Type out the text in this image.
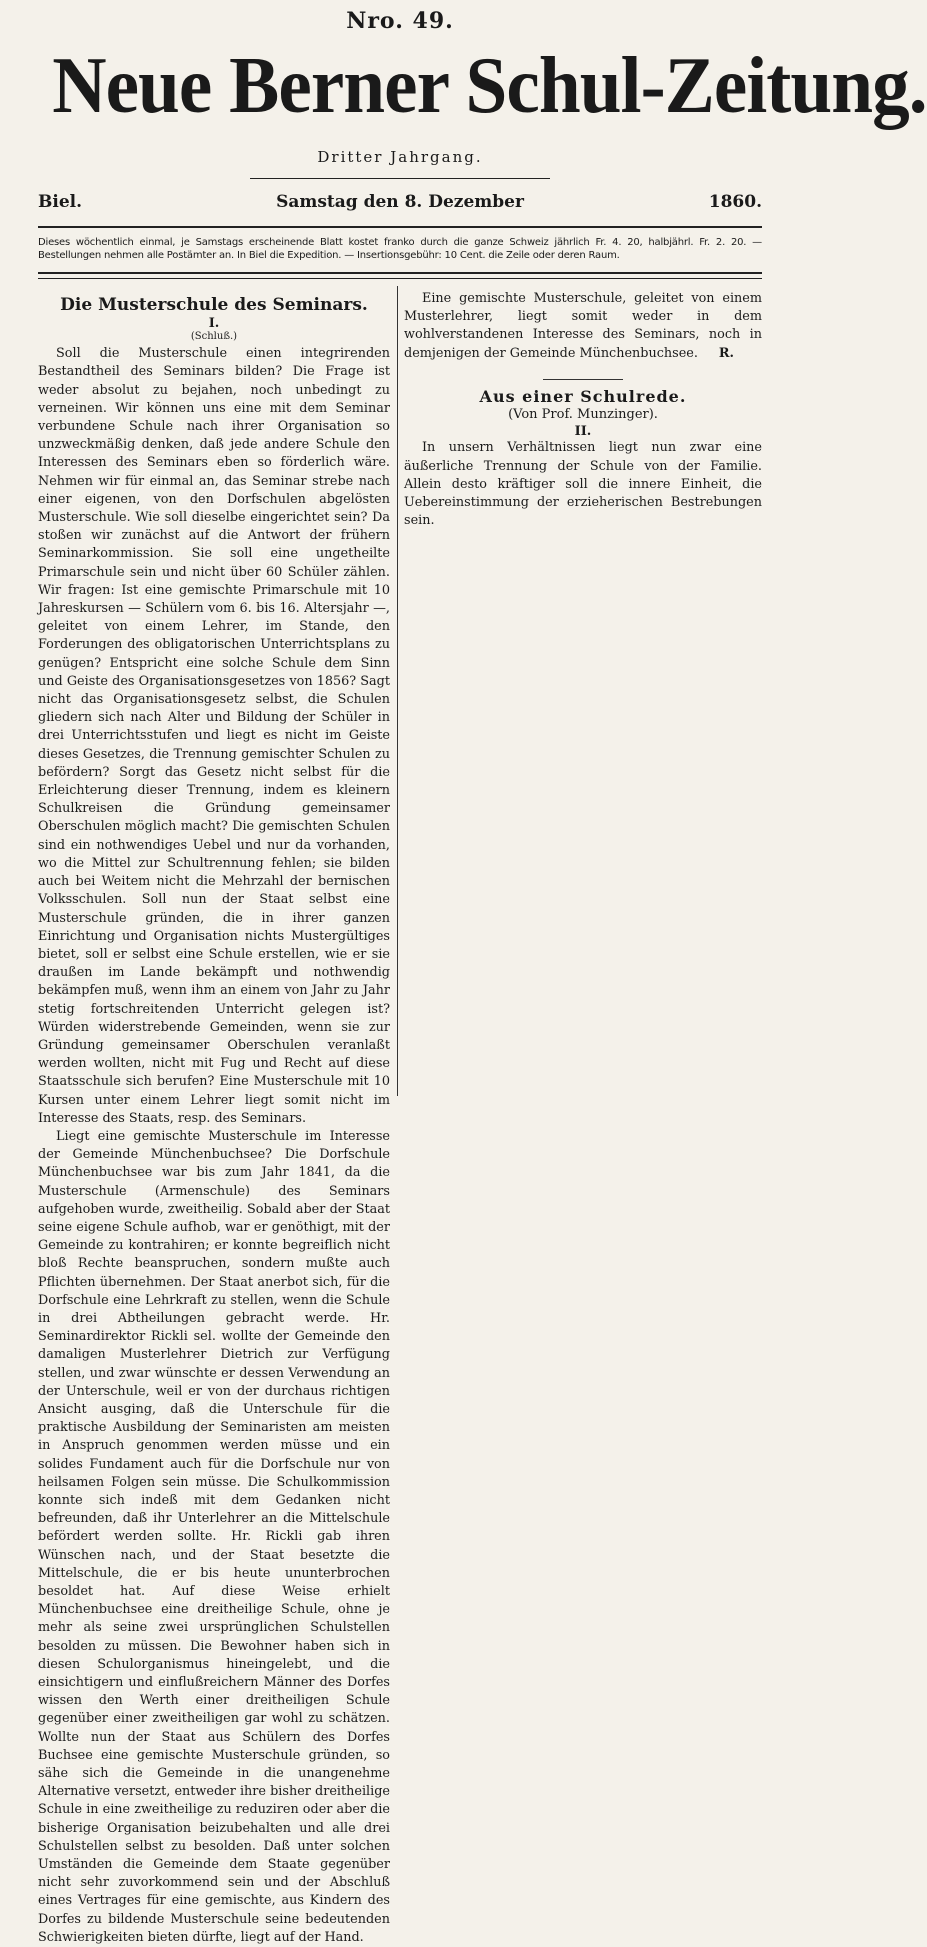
Nro. 49.
Neue Berner Schul-Zeitung.
Dritter Jahrgang.
Biel.	Samstag den 8. Dezember	1860.
Dieses wöchentlich einmal, je Samstags erscheinende Blatt kostet franko durch die ganze Schweiz jährlich Fr. 4. 20, halbjährl. Fr. 2. 20. — Bestellungen nehmen alle Postämter an. In Biel die Expedition. — Insertionsgebühr: 10 Cent. die Zeile oder deren Raum.
Die Musterschule des Seminars.

I.

(Schluß.)

Soll die Musterschule einen integrirenden Bestandtheil des Seminars bilden? Die Frage ist weder absolut zu bejahen, noch unbedingt zu verneinen. Wir können uns eine mit dem Seminar verbundene Schule nach ihrer Organisation so unzweckmäßig denken, daß jede andere Schule den Interessen des Seminars eben so förderlich wäre. Nehmen wir für einmal an, das Seminar strebe nach einer eigenen, von den Dorfschulen abgelösten Musterschule. Wie soll dieselbe eingerichtet sein? Da stoßen wir zunächst auf die Antwort der frühern Seminarkommission. Sie soll eine ungetheilte Primarschule sein und nicht über 60 Schüler zählen. Wir fragen: Ist eine gemischte Primarschule mit 10 Jahreskursen — Schülern vom 6. bis 16. Altersjahr —, geleitet von einem Lehrer, im Stande, den Forderungen des obligatorischen Unterrichtsplans zu genügen? Entspricht eine solche Schule dem Sinn und Geiste des Organisationsgesetzes von 1856? Sagt nicht das Organisationsgesetz selbst, die Schulen gliedern sich nach Alter und Bildung der Schüler in drei Unterrichtsstufen und liegt es nicht im Geiste dieses Gesetzes, die Trennung gemischter Schulen zu befördern? Sorgt das Gesetz nicht selbst für die Erleichterung dieser Trennung, indem es kleinern Schulkreisen die Gründung gemeinsamer Oberschulen möglich macht? Die gemischten Schulen sind ein nothwendiges Uebel und nur da vorhanden, wo die Mittel zur Schultrennung fehlen; sie bilden auch bei Weitem nicht die Mehrzahl der bernischen Volksschulen. Soll nun der Staat selbst eine Musterschule gründen, die in ihrer ganzen Einrichtung und Organisation nichts Mustergültiges bietet, soll er selbst eine Schule erstellen, wie er sie draußen im Lande bekämpft und nothwendig bekämpfen muß, wenn ihm an einem von Jahr zu Jahr stetig fortschreitenden Unterricht gelegen ist? Würden widerstrebende Gemeinden, wenn sie zur Gründung gemeinsamer Oberschulen veranlaßt werden wollten, nicht mit Fug und Recht auf diese Staatsschule sich berufen? Eine Musterschule mit 10 Kursen unter einem Lehrer liegt somit nicht im Interesse des Staats, resp. des Seminars.

Liegt eine gemischte Musterschule im Interesse der Gemeinde Münchenbuchsee? Die Dorfschule Münchenbuchsee war bis zum Jahr 1841, da die Musterschule (Armenschule) des Seminars aufgehoben wurde, zweitheilig. Sobald aber der Staat seine eigene Schule aufhob, war er genöthigt, mit der Gemeinde zu kontrahiren; er konnte begreiflich nicht bloß Rechte beanspruchen, sondern mußte auch Pflichten übernehmen. Der Staat anerbot sich, für die Dorfschule eine Lehrkraft zu stellen, wenn die Schule in drei Abtheilungen gebracht werde. Hr. Seminardirektor Rickli sel. wollte der Gemeinde den damaligen Musterlehrer Dietrich zur Verfügung stellen, und zwar wünschte er dessen Verwendung an der Unterschule, weil er von der durchaus richtigen Ansicht ausging, daß die Unterschule für die praktische Ausbildung der Seminaristen am meisten in Anspruch genommen werden müsse und ein solides Fundament auch für die Dorfschule nur von heilsamen Folgen sein müsse. Die Schulkommission konnte sich indeß mit dem Gedanken nicht befreunden, daß ihr Unterlehrer an die Mittelschule befördert werden sollte. Hr. Rickli gab ihren Wünschen nach, und der Staat besetzte die Mittelschule, die er bis heute ununterbrochen besoldet hat. Auf diese Weise erhielt Münchenbuchsee eine dreitheilige Schule, ohne je mehr als seine zwei ursprünglichen Schulstellen besolden zu müssen. Die Bewohner haben sich in diesen Schulorganismus hineingelebt, und die einsichtigern und einflußreichern Männer des Dorfes wissen den Werth einer dreitheiligen Schule gegenüber einer zweitheiligen gar wohl zu schätzen. Wollte nun der Staat aus Schülern des Dorfes Buchsee eine gemischte Musterschule gründen, so sähe sich die Gemeinde in die unangenehme Alternative versetzt, entweder ihre bisher dreitheilige Schule in eine zweitheilige zu reduziren oder aber die bisherige Organisation beizubehalten und alle drei Schulstellen selbst zu besolden. Daß unter solchen Umständen die Gemeinde dem Staate gegenüber nicht sehr zuvorkommend sein und der Abschluß eines Vertrages für eine gemischte, aus Kindern des Dorfes zu bildende Musterschule seine bedeutenden Schwierigkeiten bieten dürfte, liegt auf der Hand.

Eine gemischte Musterschule, geleitet von einem Musterlehrer, liegt somit weder in dem wohlverstandenen Interesse des Seminars, noch in demjenigen der Gemeinde Münchenbuchsee.	R.

Aus einer Schulrede.

(Von Prof. Munzinger).

II.

In unsern Verhältnissen liegt nun zwar eine äußerliche Trennung der Schule von der Familie. Allein desto kräftiger soll die innere Einheit, die Uebereinstimmung der erzieherischen Bestrebungen sein.
